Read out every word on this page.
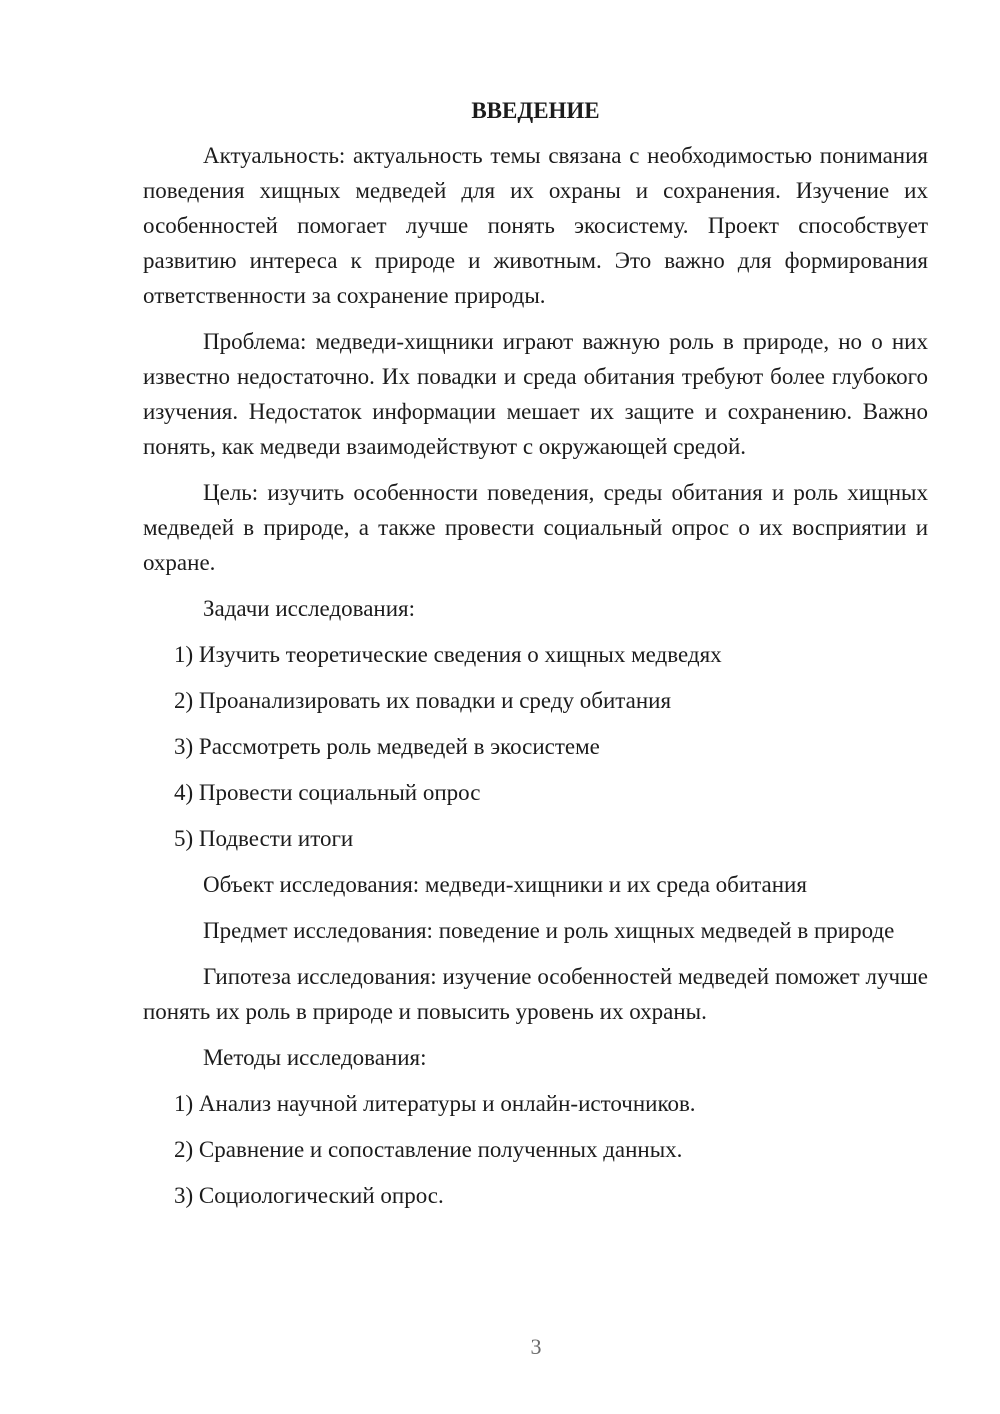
ВВЕДЕНИЕ

Актуальность: актуальность темы связана с необходимостью понимания поведения хищных медведей для их охраны и сохранения. Изучение их особенностей помогает лучше понять экосистему. Проект способствует развитию интереса к природе и животным. Это важно для формирования ответственности за сохранение природы.

Проблема: медведи-хищники играют важную роль в природе, но о них известно недостаточно. Их повадки и среда обитания требуют более глубокого изучения. Недостаток информации мешает их защите и сохранению. Важно понять, как медведи взаимодействуют с окружающей средой.

Цель: изучить особенности поведения, среды обитания и роль хищных медведей в природе, а также провести социальный опрос о их восприятии и охране.

Задачи исследования:
1) Изучить теоретические сведения о хищных медведях
2) Проанализировать их повадки и среду обитания
3) Рассмотреть роль медведей в экосистеме
4) Провести социальный опрос
5) Подвести итоги

Объект исследования: медведи-хищники и их среда обитания

Предмет исследования: поведение и роль хищных медведей в природе

Гипотеза исследования: изучение особенностей медведей поможет лучше понять их роль в природе и повысить уровень их охраны.

Методы исследования:
1) Анализ научной литературы и онлайн-источников.
2) Сравнение и сопоставление полученных данных.
3) Социологический опрос.
3
